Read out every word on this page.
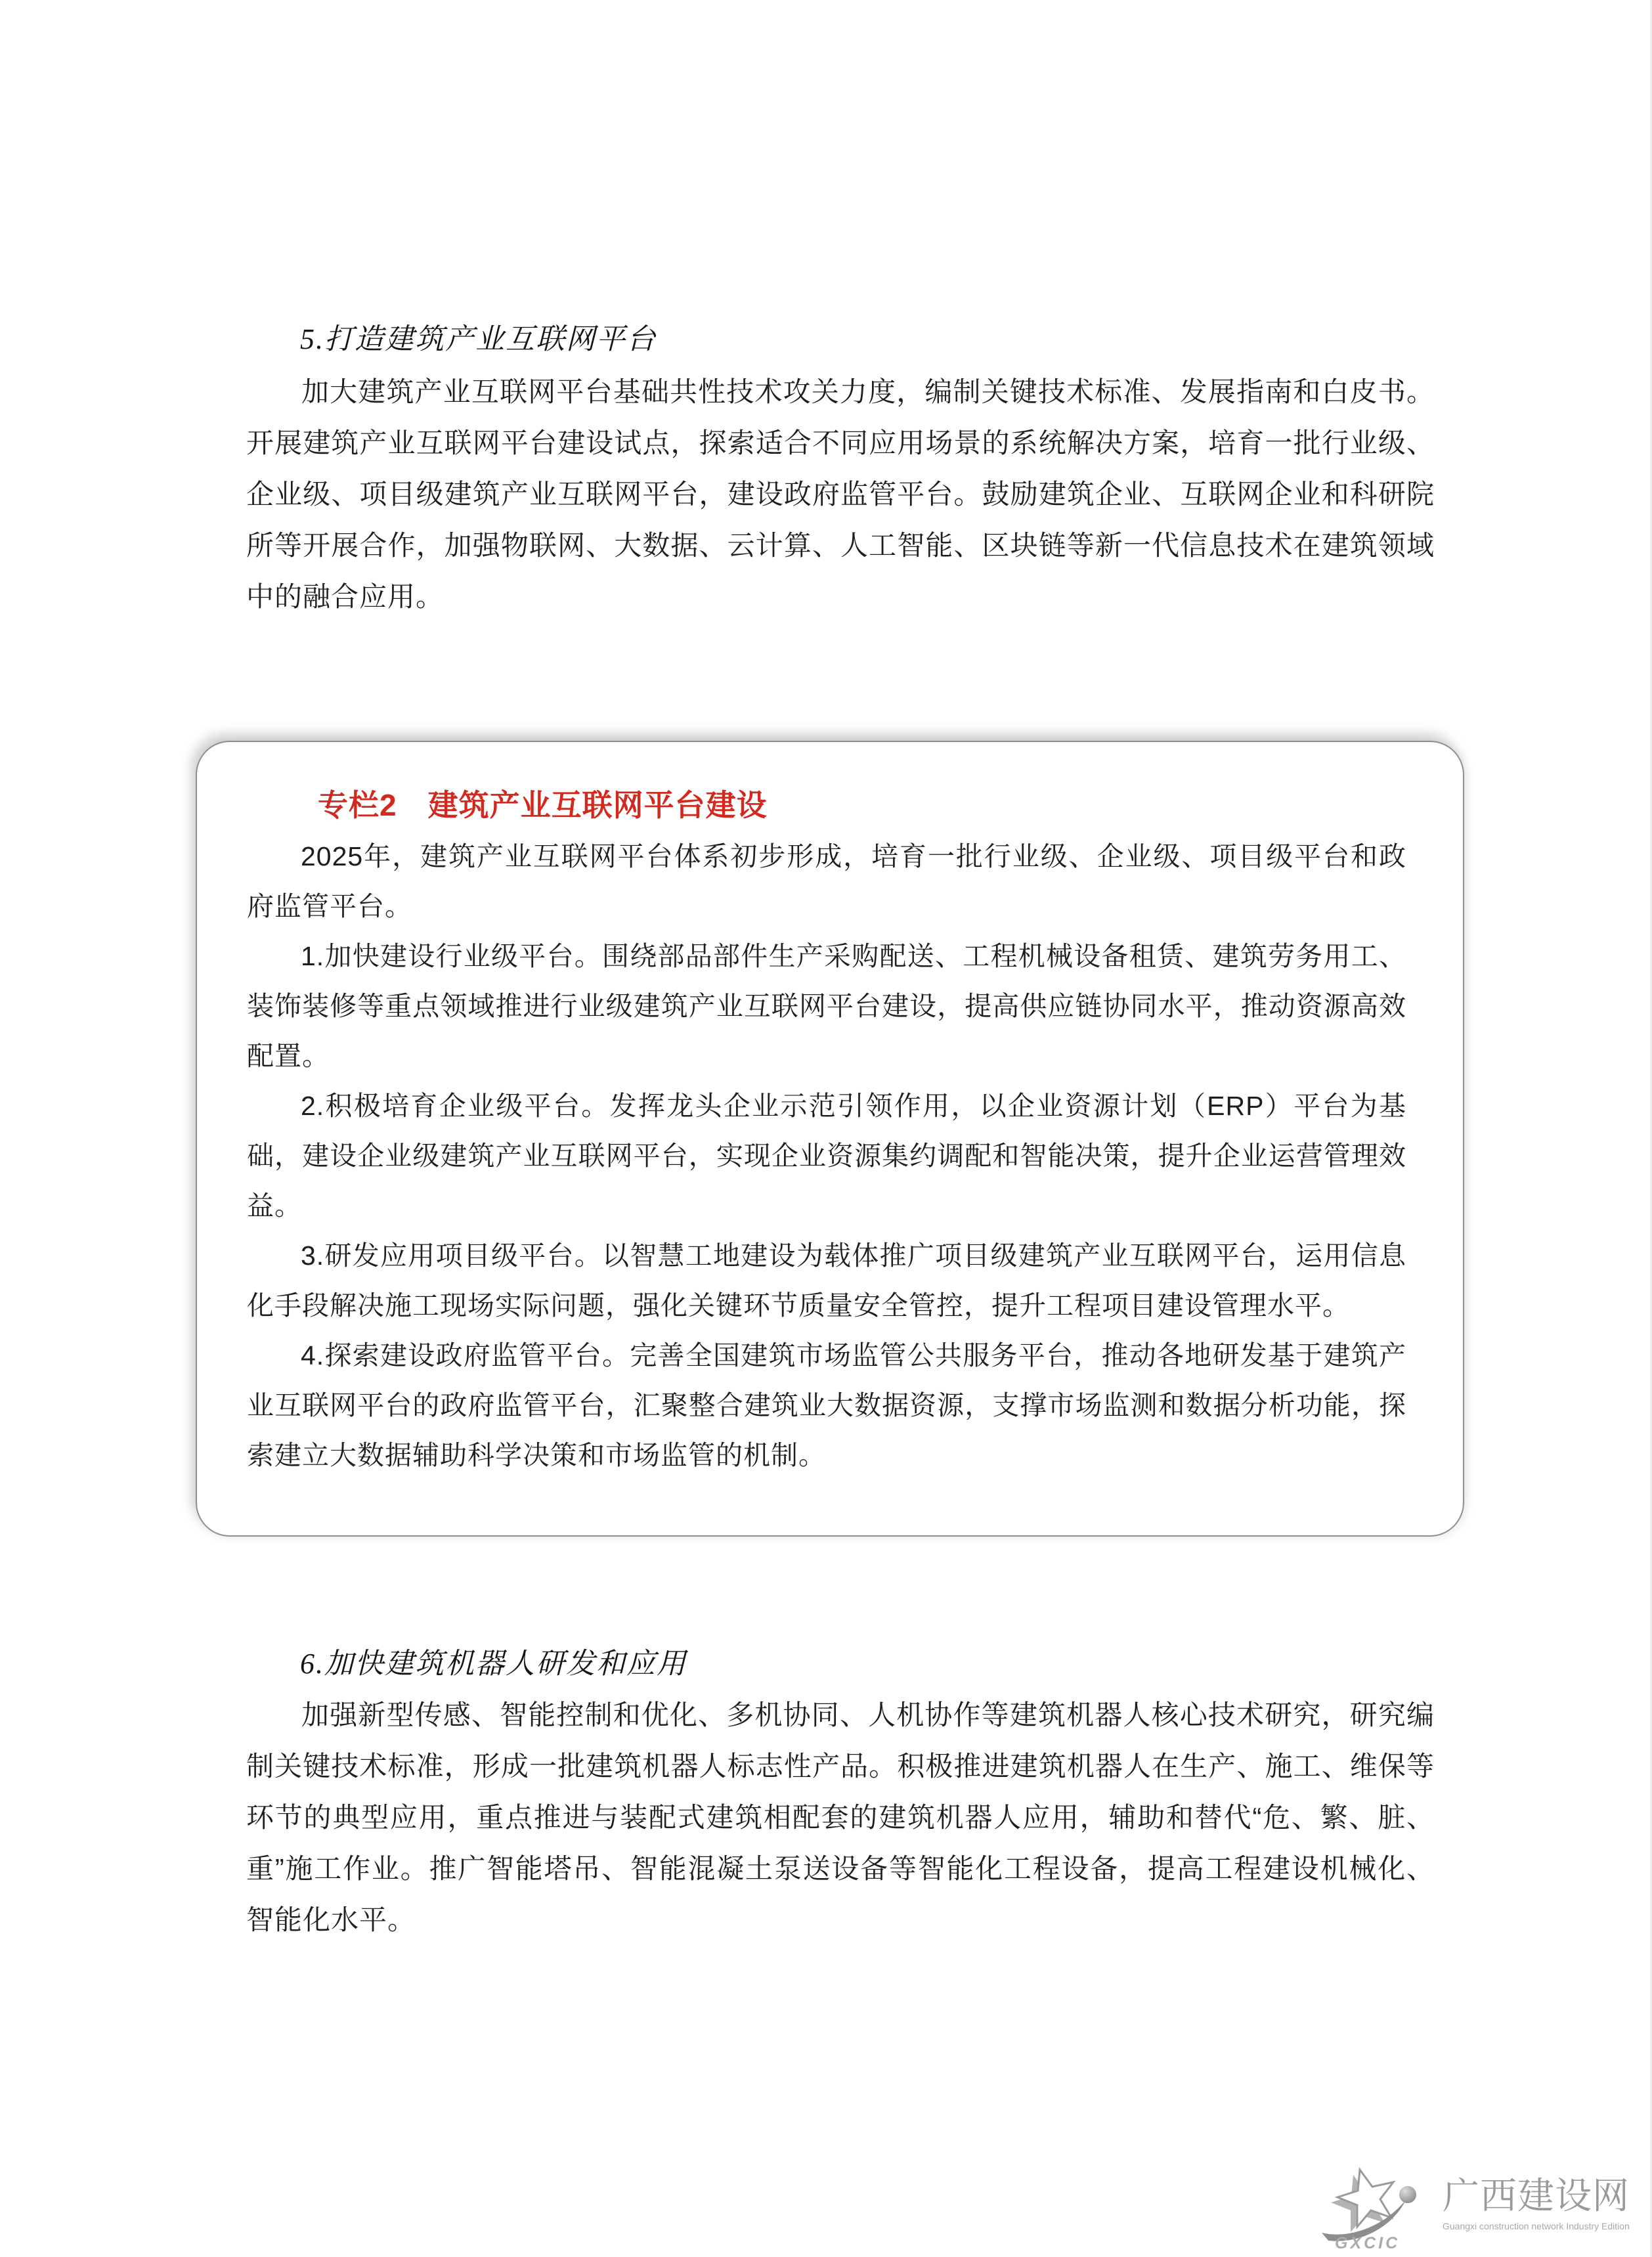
5.打造建筑产业互联网平台

加大建筑产业互联网平台基础共性技术攻关力度，编制关键技术标准、发展指南和白皮书。开展建筑产业互联网平台建设试点，探索适合不同应用场景的系统解决方案，培育一批行业级、企业级、项目级建筑产业互联网平台，建设政府监管平台。鼓励建筑企业、互联网企业和科研院所等开展合作，加强物联网、大数据、云计算、人工智能、区块链等新一代信息技术在建筑领域中的融合应用。

专栏2　建筑产业互联网平台建设

2025年，建筑产业互联网平台体系初步形成，培育一批行业级、企业级、项目级平台和政府监管平台。

1.加快建设行业级平台。围绕部品部件生产采购配送、工程机械设备租赁、建筑劳务用工、装饰装修等重点领域推进行业级建筑产业互联网平台建设，提高供应链协同水平，推动资源高效配置。

2.积极培育企业级平台。发挥龙头企业示范引领作用，以企业资源计划（ERP）平台为基础，建设企业级建筑产业互联网平台，实现企业资源集约调配和智能决策，提升企业运营管理效益。

3.研发应用项目级平台。以智慧工地建设为载体推广项目级建筑产业互联网平台，运用信息化手段解决施工现场实际问题，强化关键环节质量安全管控，提升工程项目建设管理水平。

4.探索建设政府监管平台。完善全国建筑市场监管公共服务平台，推动各地研发基于建筑产业互联网平台的政府监管平台，汇聚整合建筑业大数据资源，支撑市场监测和数据分析功能，探索建立大数据辅助科学决策和市场监管的机制。

6.加快建筑机器人研发和应用

加强新型传感、智能控制和优化、多机协同、人机协作等建筑机器人核心技术研究，研究编制关键技术标准，形成一批建筑机器人标志性产品。积极推进建筑机器人在生产、施工、维保等环节的典型应用，重点推进与装配式建筑相配套的建筑机器人应用，辅助和替代“危、繁、脏、重”施工作业。推广智能塔吊、智能混凝土泵送设备等智能化工程设备，提高工程建设机械化、智能化水平。

GXCIC
广西建设网
Guangxi construction network Industry Edition
